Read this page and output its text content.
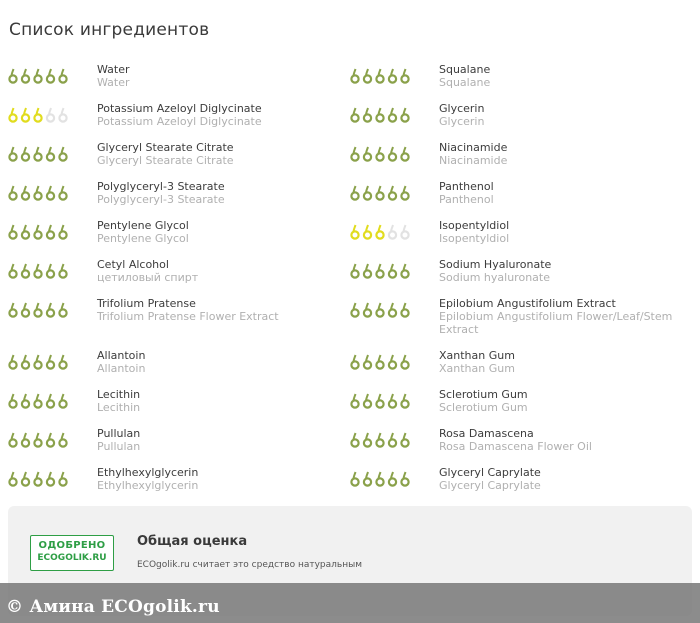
Список ингредиентов
Water
Water
Squalane
Squalane
Potassium Azeloyl Diglycinate
Potassium Azeloyl Diglycinate
Glycerin
Glycerin
Glyceryl Stearate Citrate
Glyceryl Stearate Citrate
Niacinamide
Niacinamide
Polyglyceryl-3 Stearate
Polyglyceryl-3 Stearate
Panthenol
Panthenol
Pentylene Glycol
Pentylene Glycol
Isopentyldiol
Isopentyldiol
Cetyl Alcohol
цетиловый спирт
Sodium Hyaluronate
Sodium hyaluronate
Trifolium Pratense
Trifolium Pratense Flower Extract
Epilobium Angustifolium Extract
Epilobium Angustifolium Flower/Leaf/Stem Extract
Allantoin
Allantoin
Xanthan Gum
Xanthan Gum
Lecithin
Lecithin
Sclerotium Gum
Sclerotium Gum
Pullulan
Pullulan
Rosa Damascena
Rosa Damascena Flower Oil
Ethylhexylglycerin
Ethylhexylglycerin
Glyceryl Caprylate
Glyceryl Caprylate
ОДОБРЕНО
ECOGOLIK.RU
Общая оценка
ECOgolik.ru считает это средство натуральным
© Амина ECOgolik.ru
